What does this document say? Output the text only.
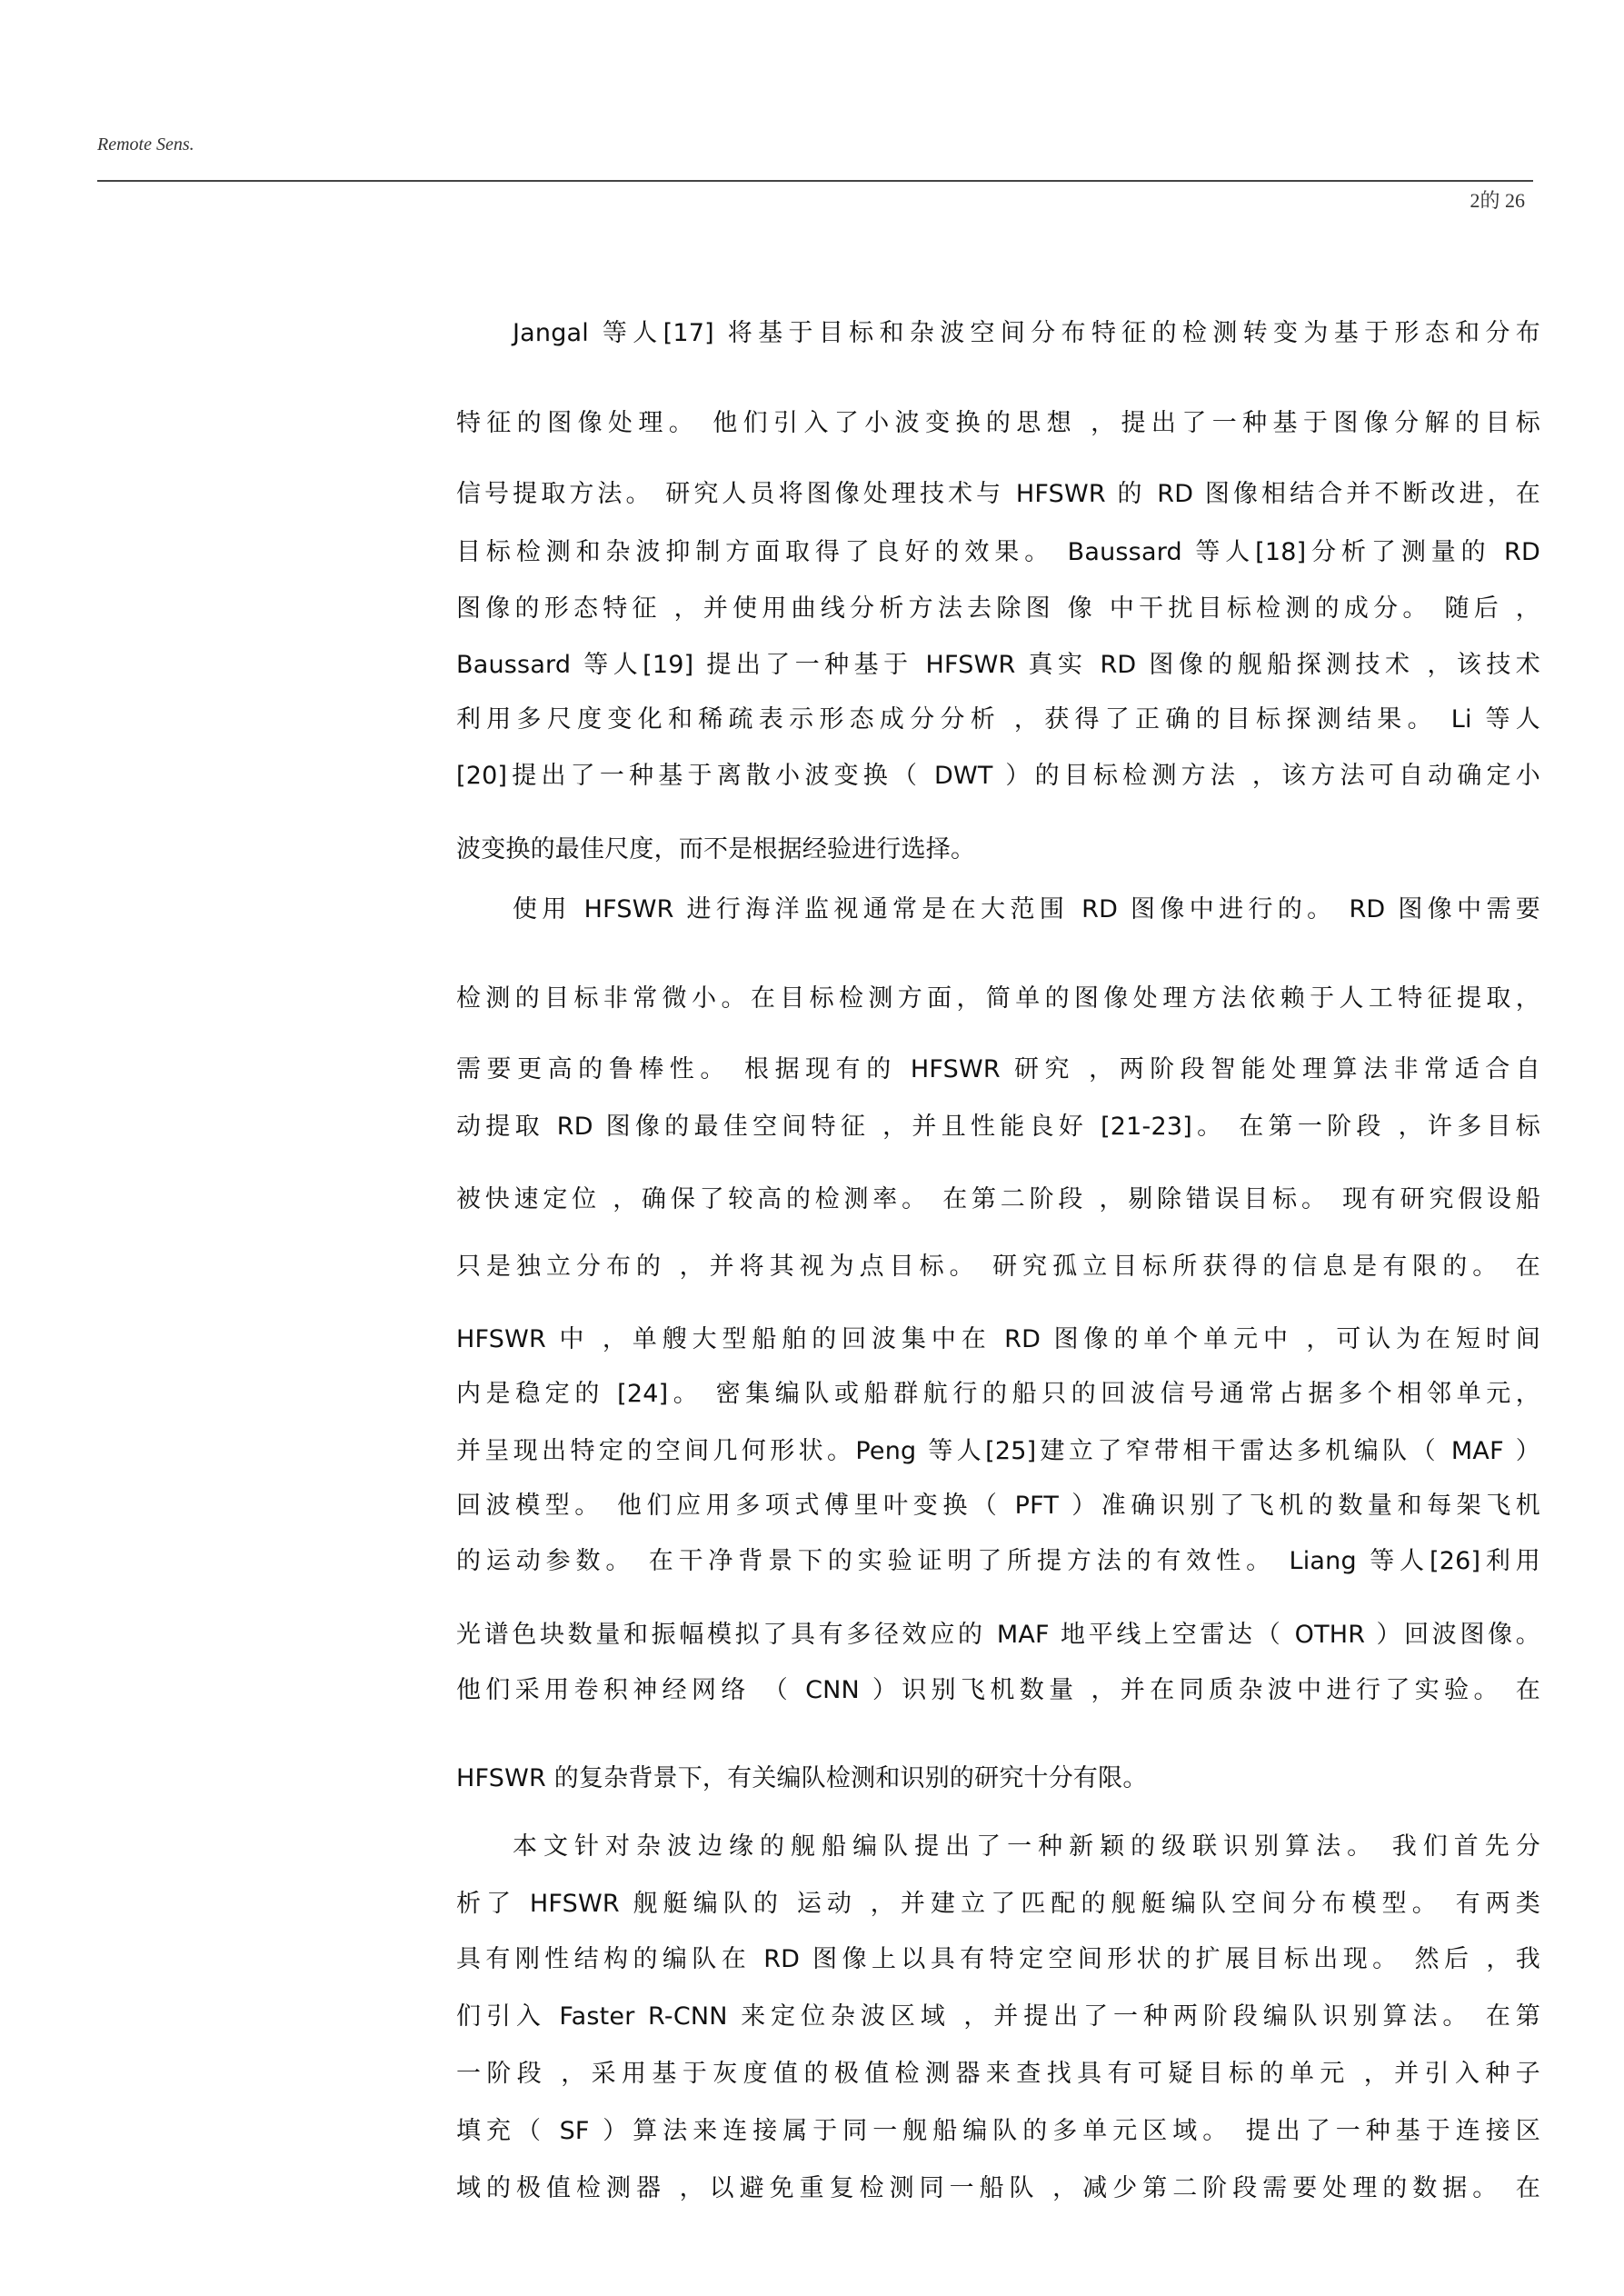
Remote Sens.
2的 26
Jangal 等人[17] 将基于目标和杂波空间分布特征的检测转变为基于形态和分布
特征的图像处理。 他们引入了小波变换的思想 ，提出了一种基于图像分解的目标
信号提取方法。 研究人员将图像处理技术与 HFSWR 的 RD 图像相结合并不断改进，在
目标检测和杂波抑制方面取得了良好的效果。 Baussard 等人[18]分析了测量的 RD
图像的形态特征 ，并使用曲线分析方法去除图 像 中干扰目标检测的成分。 随后 ，
Baussard 等人[19] 提出了一种基于 HFSWR 真实 RD 图像的舰船探测技术 ，该技术
利用多尺度变化和稀疏表示形态成分分析 ，获得了正确的目标探测结果。 Li 等人
[20]提出了一种基于离散小波变换（ DWT ）的目标检测方法 ，该方法可自动确定小
波变换的最佳尺度，而不是根据经验进行选择。
使用 HFSWR 进行海洋监视通常是在大范围 RD 图像中进行的。 RD 图像中需要
检测的目标非常微小。在目标检测方面，简单的图像处理方法依赖于人工特征提取，
需要更高的鲁棒性。 根据现有的 HFSWR 研究 ，两阶段智能处理算法非常适合自
动提取 RD 图像的最佳空间特征 ，并且性能良好 [21-23]。 在第一阶段 ，许多目标
被快速定位 ，确保了较高的检测率。 在第二阶段 ，剔除错误目标。 现有研究假设船
只是独立分布的 ，并将其视为点目标。 研究孤立目标所获得的信息是有限的。 在
HFSWR 中 ，单艘大型船舶的回波集中在 RD 图像的单个单元中 ，可认为在短时间
内是稳定的 [24]。 密集编队或船群航行的船只的回波信号通常占据多个相邻单元，
并呈现出特定的空间几何形状。Peng 等人[25]建立了窄带相干雷达多机编队（ MAF ）
回波模型。 他们应用多项式傅里叶变换（ PFT ）准确识别了飞机的数量和每架飞机
的运动参数。 在干净背景下的实验证明了所提方法的有效性。 Liang 等人[26]利用
光谱色块数量和振幅模拟了具有多径效应的 MAF 地平线上空雷达（ OTHR ）回波图像。
他们采用卷积神经网络 （ CNN ）识别飞机数量 ，并在同质杂波中进行了实验。 在
HFSWR 的复杂背景下，有关编队检测和识别的研究十分有限。
本文针对杂波边缘的舰船编队提出了一种新颖的级联识别算法。 我们首先分
析了 HFSWR 舰艇编队的 运动 ，并建立了匹配的舰艇编队空间分布模型。 有两类
具有刚性结构的编队在 RD 图像上以具有特定空间形状的扩展目标出现。 然后 ，我
们引入 Faster R-CNN 来定位杂波区域 ，并提出了一种两阶段编队识别算法。 在第
一阶段 ，采用基于灰度值的极值检测器来查找具有可疑目标的单元 ，并引入种子
填充（ SF ）算法来连接属于同一舰船编队的多单元区域。 提出了一种基于连接区
域的极值检测器 ，以避免重复检测同一船队 ，减少第二阶段需要处理的数据。 在
